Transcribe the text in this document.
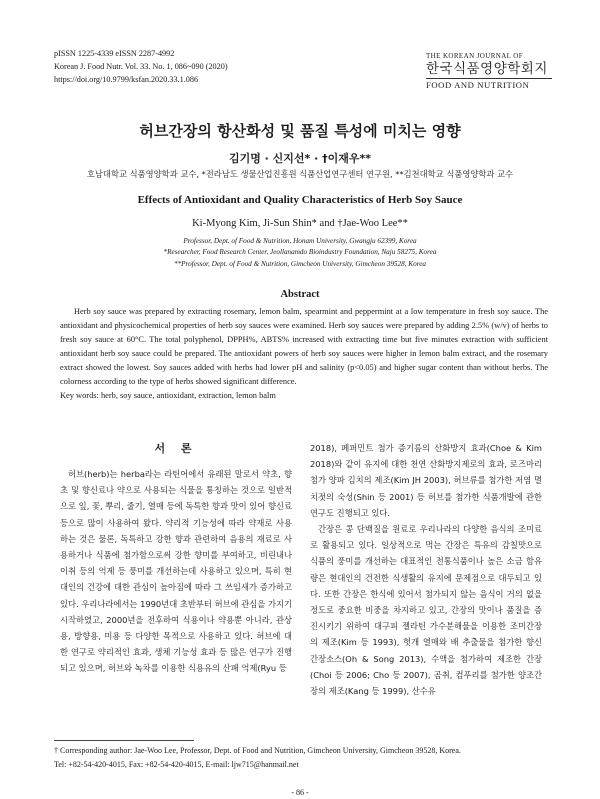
pISSN 1225-4339 eISSN 2287-4992
Korean J. Food Nutr. Vol. 33. No. 1, 086~090 (2020)
https://doi.org/10.9799/ksfan.2020.33.1.086
THE KOREAN JOURNAL OF
한국식품영양학회지
FOOD AND NUTRITION
허브간장의 항산화성 및 품질 특성에 미치는 영향
김기명 · 신지선* · †이재우**
호남대학교 식품영양학과 교수, *전라남도 생물산업진흥원 식품산업연구센터 연구원, **김천대학교 식품영양학과 교수
Effects of Antioxidant and Quality Characteristics of Herb Soy Sauce
Ki-Myong Kim, Ji-Sun Shin* and †Jae-Woo Lee**
Professor, Dept. of Food & Nutrition, Honam University, Gwangju 62399, Korea
*Researcher, Food Research Center, Jeollanamdo Bioindustry Foundation, Naju 58275, Korea
**Professor, Dept. of Food & Nutrition, Gimcheon University, Gimcheon 39528, Korea
Abstract

Herb soy sauce was prepared by extracting rosemary, lemon balm, spearmint and peppermint at a low temperature in fresh soy sauce. The antioxidant and physicochemical properties of herb soy sauces were examined. Herb soy sauces were prepared by adding 2.5% (w/v) of herbs to fresh soy sauce at 60°C. The total polyphenol, DPPH%, ABTS% increased with extracting time but five minutes extraction with sufficient antioxidant herb soy sauce could be prepared. The antioxidant powers of herb soy sauces were higher in lemon balm extract, and the rosemary extract showed the lowest. Soy sauces added with herbs had lower pH and salinity (p<0.05) and higher sugar content than without herbs. The colorness according to the type of herbs showed significant difference.

Key words: herb, soy sauce, antioxidant, extraction, lemon balm
서 론

허브(herb)는 herba라는 라틴어에서 유래된 말로서 약초, 향초 및 향신료나 약으로 사용되는 식물을 통칭하는 것으로 일반적으로 잎, 꽃, 뿌리, 줄기, 열매 등에 독특한 향과 맛이 있어 향신료 등으로 많이 사용하여 왔다. 약리적 기능성에 따라 약재로 사용하는 것은 물론, 독특하고 강한 향과 관련하여 음용의 재료로 사용하거나 식품에 첨가함으로써 강한 향미를 부여하고, 비린내나 이취 등의 억제 등 풍미를 개선하는데 사용하고 있으며, 특히 현대인의 건강에 대한 관심이 높아짐에 따라 그 쓰임새가 증가하고 있다. 우리나라에서는 1990년대 초반부터 허브에 관심을 가지기 시작하였고, 2000년을 전후하여 식용이나 약용뿐 아니라, 관상용, 방향용, 미용 등 다양한 목적으로 사용하고 있다. 허브에 대한 연구로 약리적인 효과, 생체 기능성 효과 등 많은 연구가 진행되고 있으며, 허브와 녹차를 이용한 식용유의 산패 억제(Ryu 등

2018), 페퍼민트 첨가 증기름의 산화방지 효과(Choe & Kim 2018)와 같이 유지에 대한 천연 산화방지제로의 효과, 로즈마리 첨가 양파 김치의 제조(Kim JH 2003), 허브류를 첨가한 저염 멸치젓의 숙성(Shin 등 2001) 등 허브를 첨가한 식품개발에 관한 연구도 진행되고 있다.

간장은 콩 단백질을 원료로 우리나라의 다양한 음식의 조미료로 활용되고 있다. 일상적으로 먹는 간장은 특유의 감칠맛으로 식품의 풍미를 개선하는 대표적인 전통식품이나 높은 소금 함유량은 현대인의 건전한 식생활의 유지에 문제점으로 대두되고 있다. 또한 간장은 한식에 있어서 첨가되지 않는 음식이 거의 없을 정도로 중요한 비중을 차지하고 있고, 간장의 맛이나 품질을 증진시키기 위하여 대구피 젤라틴 가수분해물을 이용한 조미간장의 제조(Kim 등 1993), 헛개 열매와 배 추출물을 첨가한 향신 간장소스(Oh & Song 2013), 수액을 첨가하여 제조한 간장(Choi 등 2006; Cho 등 2007), 곰취, 컴푸리를 첨가한 양조간장의 제조(Kang 등 1999), 산수유

† Corresponding author: Jae-Woo Lee, Professor, Dept. of Food and Nutrition, Gimcheon University, Gimcheon 39528, Korea.
Tel: +82-54-420-4015, Fax: +82-54-420-4015, E-mail: ljw715@hanmail.net
- 86 -
